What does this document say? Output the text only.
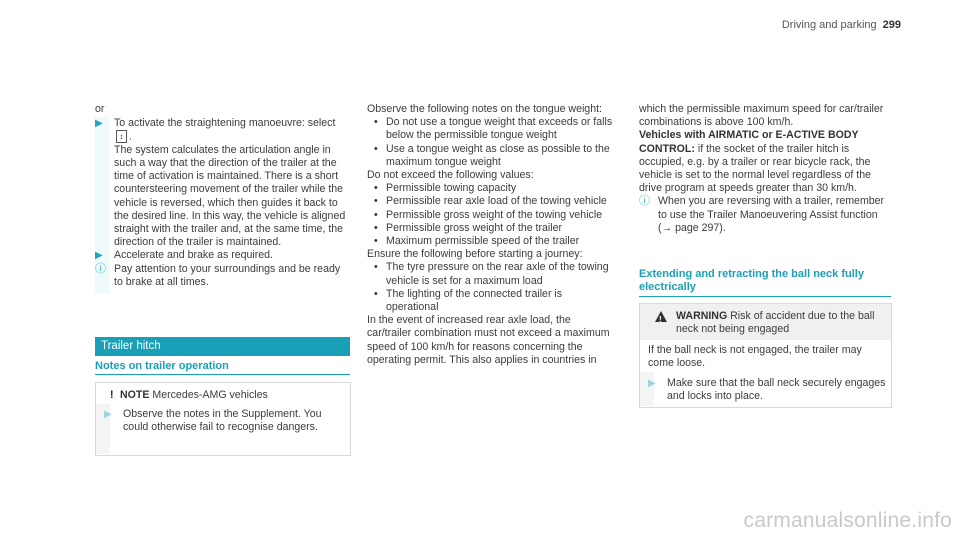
Driving and parking 299
or
▶ To activate the straightening manoeuvre: select ↕ .

The system calculates the articulation angle in such a way that the direction of the trailer at the time of activation is maintained. There is a short countersteering movement of the trailer while the vehicle is reversed, which then guides it back to the desired line. In this way, the vehicle is aligned straight with the trailer and, at the same time, the direction of the trailer is maintained.

▶ Accelerate and brake as required.

ⓘ Pay attention to your surroundings and be ready to brake at all times.

Trailer hitch
Notes on trailer operation
! NOTE Mercedes-AMG vehicles
▶ Observe the notes in the Supplement. You could otherwise fail to recognise dangers.

Observe the following notes on the tongue weight:

• Do not use a tongue weight that exceeds or falls below the permissible tongue weight
• Use a tongue weight as close as possible to the maximum tongue weight

Do not exceed the following values:

• Permissible towing capacity
• Permissible rear axle load of the towing vehicle
• Permissible gross weight of the towing vehicle
• Permissible gross weight of the trailer
• Maximum permissible speed of the trailer

Ensure the following before starting a journey:

• The tyre pressure on the rear axle of the towing vehicle is set for a maximum load
• The lighting of the connected trailer is operational

In the event of increased rear axle load, the car/trailer combination must not exceed a maximum speed of 100 km/h for reasons concerning the operating permit. This also applies in countries in

which the permissible maximum speed for car/trailer combinations is above 100 km/h.

Vehicles with AIRMATIC or E-ACTIVE BODY CONTROL: if the socket of the trailer hitch is occupied, e.g. by a trailer or rear bicycle rack, the vehicle is set to the normal level regardless of the drive program at speeds greater than 30 km/h.

ⓘ When you are reversing with a trailer, remember to use the Trailer Manoeuvering Assist function (→ page 297).

Extending and retracting the ball neck fully electrically
!
WARNING Risk of accident due to the ball neck not being engaged

If the ball neck is not engaged, the trailer may come loose.

▶ Make sure that the ball neck securely engages and locks into place.

carmanualsonline.info
